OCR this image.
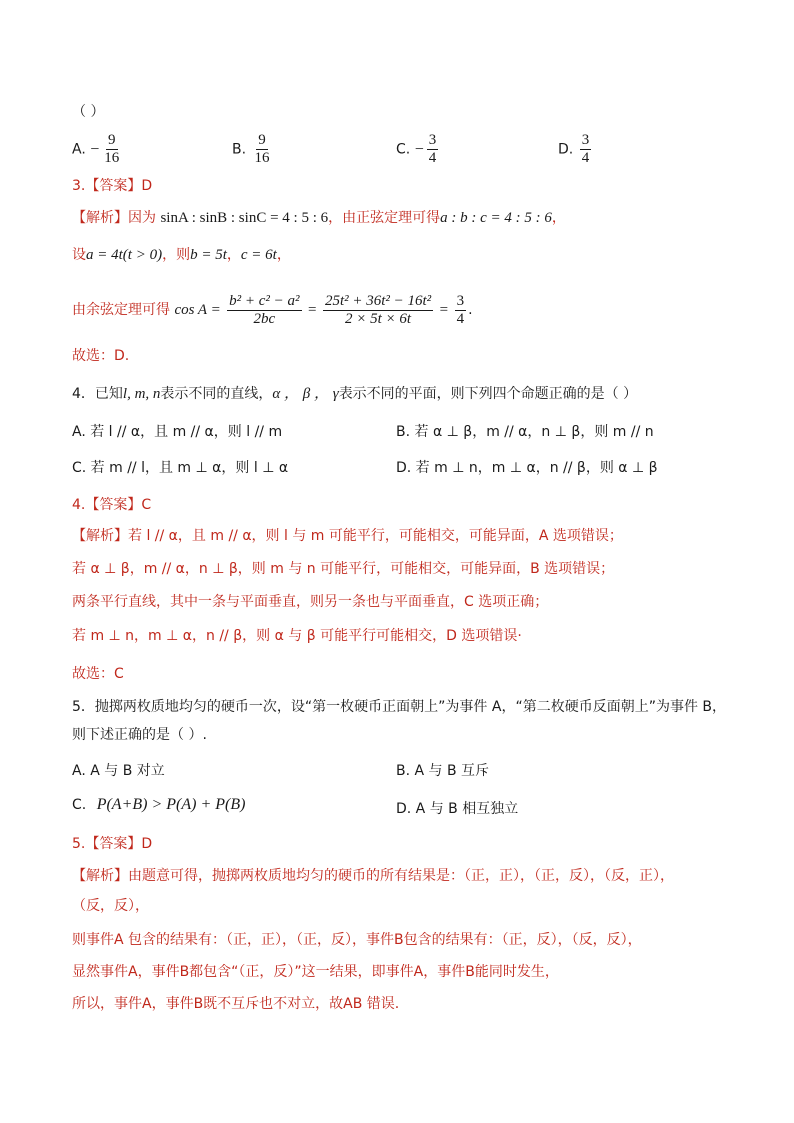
（ ）
A. − $\frac{9}{16}$	B. $\frac{9}{16}$	C. − $\frac{3}{4}$	D. $\frac{3}{4}$
3.【答案】D
【解析】因为 sinA : sinB : sinC = 4 : 5 : 6，由正弦定理可得a : b : c = 4 : 5 : 6，
设a = 4t(t > 0)，则b = 5t，c = 6t，
由余弦定理可得 $\cos A = \frac{\text{b² + c² − a²}}{2bc} = \frac{\text{25t² + 36t² − 16t²}}{2 \times 5t \times 6t} = \frac{3}{4}$ .
故选：D.
4．已知l, m, n表示不同的直线，α ， β ， γ表示不同的平面，则下列四个命题正确的是（ ）
A. 若 l // α，且 m // α，则 l // m	B. 若 α ⊥ β，m // α，n ⊥ β，则 m // n
C. 若 m // l，且 m ⊥ α，则 l ⊥ α	D. 若 m ⊥ n，m ⊥ α，n // β，则 α ⊥ β
4.【答案】C
【解析】若 l // α，且 m // α，则 l 与 m 可能平行，可能相交，可能异面，A 选项错误；
若 α ⊥ β，m // α，n ⊥ β，则 m 与 n 可能平行，可能相交，可能异面，B 选项错误；
两条平行直线，其中一条与平面垂直，则另一条也与平面垂直，C 选项正确；
若 m ⊥ n，m ⊥ α，n // β，则 α 与 β 可能平行可能相交，D 选项错误·
故选：C
5．抛掷两枚质地均匀的硬币一次，设“第一枚硬币正面朝上”为事件 A，“第二枚硬币反面朝上”为事件 B，
则下述正确的是（ ）.
A. A 与 B 对立	B. A 与 B 互斥
C. P(A+B) > P(A) + P(B)	D. A 与 B 相互独立
5.【答案】D
【解析】由题意可得，抛掷两枚质地均匀的硬币的所有结果是：（正，正），（正，反），（反，正），
（反，反），
则事件A 包含的结果有：（正，正），（正，反），事件B包含的结果有：（正，反），（反，反），
显然事件A，事件B都包含“（正，反）”这一结果，即事件A，事件B能同时发生，
所以，事件A，事件B既不互斥也不对立，故AB 错误.
